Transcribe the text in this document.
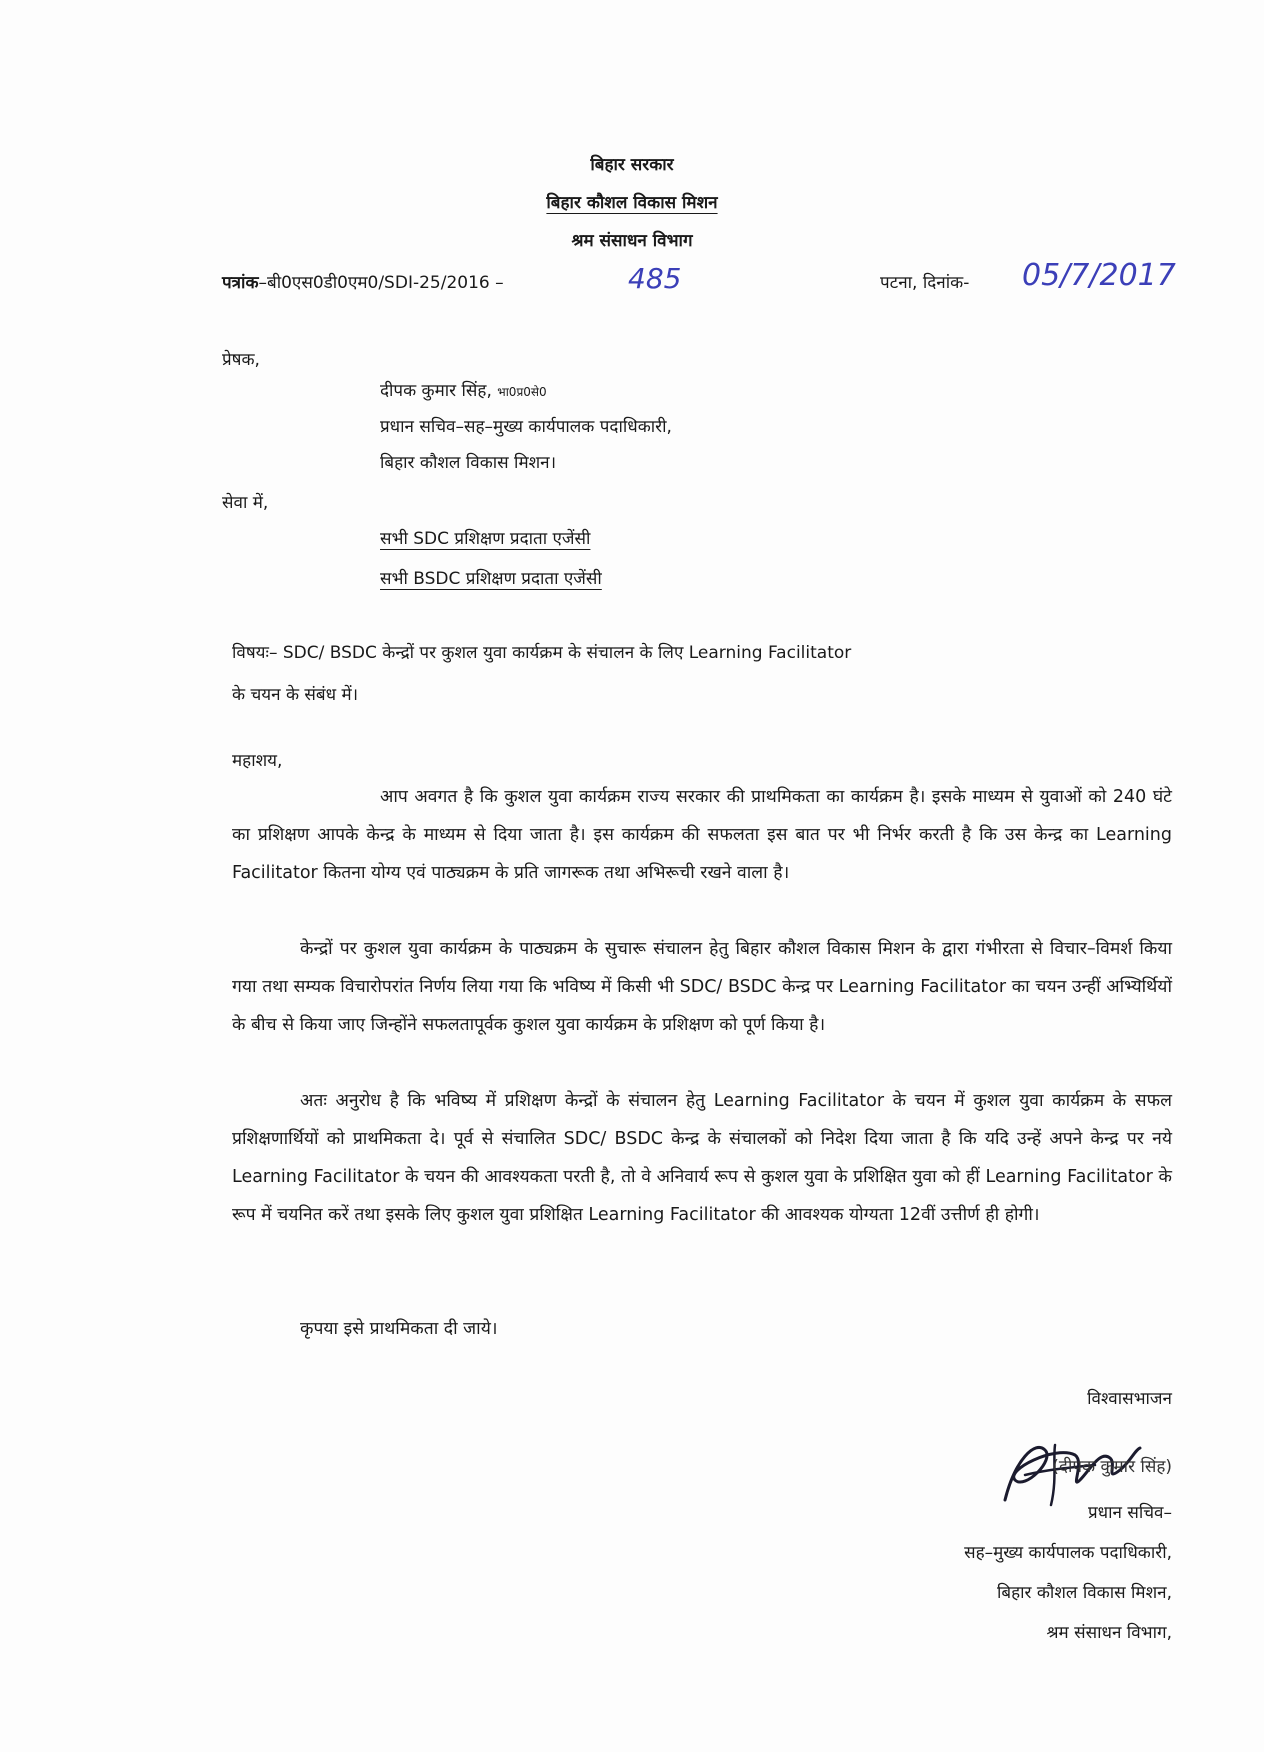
बिहार सरकार
बिहार कौशल विकास मिशन
श्रम संसाधन विभाग
पत्रांक–बी0एस0डी0एम0/SDI-25/2016 –	485	पटना, दिनांक- 05/7/2017
प्रेषक,
दीपक कुमार सिंह, भा0प्र0से0
प्रधान सचिव–सह–मुख्य कार्यपालक पदाधिकारी,
बिहार कौशल विकास मिशन।
सेवा में,
सभी SDC प्रशिक्षण प्रदाता एजेंसी
सभी BSDC प्रशिक्षण प्रदाता एजेंसी
विषयः– SDC/ BSDC केन्द्रों पर कुशल युवा कार्यक्रम के संचालन के लिए Learning Facilitator
के चयन के संबंध में।
महाशय,
आप अवगत है कि कुशल युवा कार्यक्रम राज्य सरकार की प्राथमिकता का कार्यक्रम है। इसके माध्यम से युवाओं को 240 घंटे का प्रशिक्षण आपके केन्द्र के माध्यम से दिया जाता है। इस कार्यक्रम की सफलता इस बात पर भी निर्भर करती है कि उस केन्द्र का Learning Facilitator कितना योग्य एवं पाठ्यक्रम के प्रति जागरूक तथा अभिरूची रखने वाला है।
केन्द्रों पर कुशल युवा कार्यक्रम के पाठ्यक्रम के सुचारू संचालन हेतु बिहार कौशल विकास मिशन के द्वारा गंभीरता से विचार–विमर्श किया गया तथा सम्यक विचारोपरांत निर्णय लिया गया कि भविष्य में किसी भी SDC/ BSDC केन्द्र पर Learning Facilitator का चयन उन्हीं अभ्यिर्थियों के बीच से किया जाए जिन्होंने सफलतापूर्वक कुशल युवा कार्यक्रम के प्रशिक्षण को पूर्ण किया है।
अतः अनुरोध है कि भविष्य में प्रशिक्षण केन्द्रों के संचालन हेतु Learning Facilitator के चयन में कुशल युवा कार्यक्रम के सफल प्रशिक्षणार्थियों को प्राथमिकता दे। पूर्व से संचालित SDC/ BSDC केन्द्र के संचालकों को निदेश दिया जाता है कि यदि उन्हें अपने केन्द्र पर नये Learning Facilitator के चयन की आवश्यकता परती है, तो वे अनिवार्य रूप से कुशल युवा के प्रशिक्षित युवा को हीं Learning Facilitator के रूप में चयनित करें तथा इसके लिए कुशल युवा प्रशिक्षित Learning Facilitator की आवश्यक योग्यता 12वीं उत्तीर्ण ही होगी।
कृपया इसे प्राथमिकता दी जाये।
विश्वासभाजन
(दीपक कुमार सिंह)
प्रधान सचिव–
सह–मुख्य कार्यपालक पदाधिकारी,
बिहार कौशल विकास मिशन,
श्रम संसाधन विभाग,
